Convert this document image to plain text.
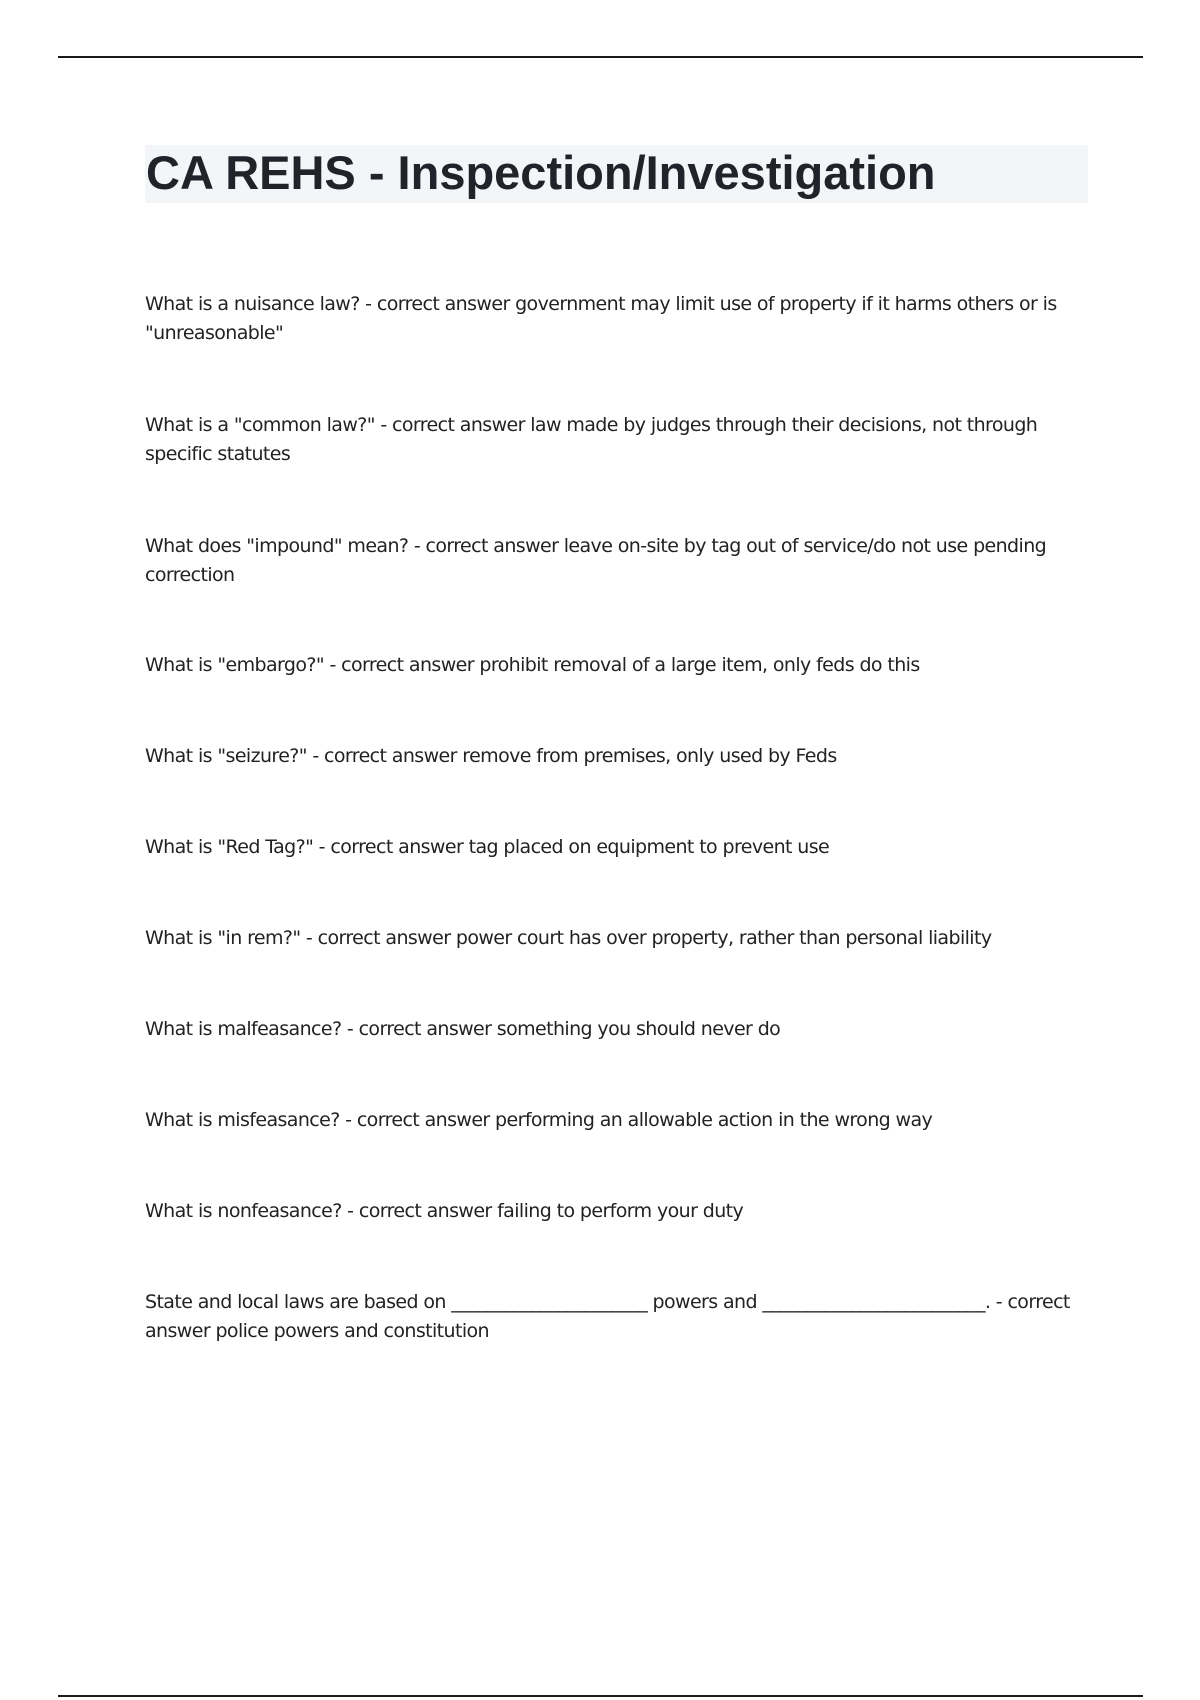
CA REHS - Inspection/Investigation

What is a nuisance law? - correct answer government may limit use of property if it harms others or is "unreasonable"

What is a "common law?" - correct answer law made by judges through their decisions, not through specific statutes

What does "impound" mean? - correct answer leave on-site by tag out of service/do not use pending correction

What is "embargo?" - correct answer prohibit removal of a large item, only feds do this

What is "seizure?" - correct answer remove from premises, only used by Feds

What is "Red Tag?" - correct answer tag placed on equipment to prevent use

What is "in rem?" - correct answer power court has over property, rather than personal liability

What is malfeasance? - correct answer something you should never do

What is misfeasance? - correct answer performing an allowable action in the wrong way

What is nonfeasance? - correct answer failing to perform your duty

State and local laws are based on ______________________ powers and _________________________. - correct answer police powers and constitution
